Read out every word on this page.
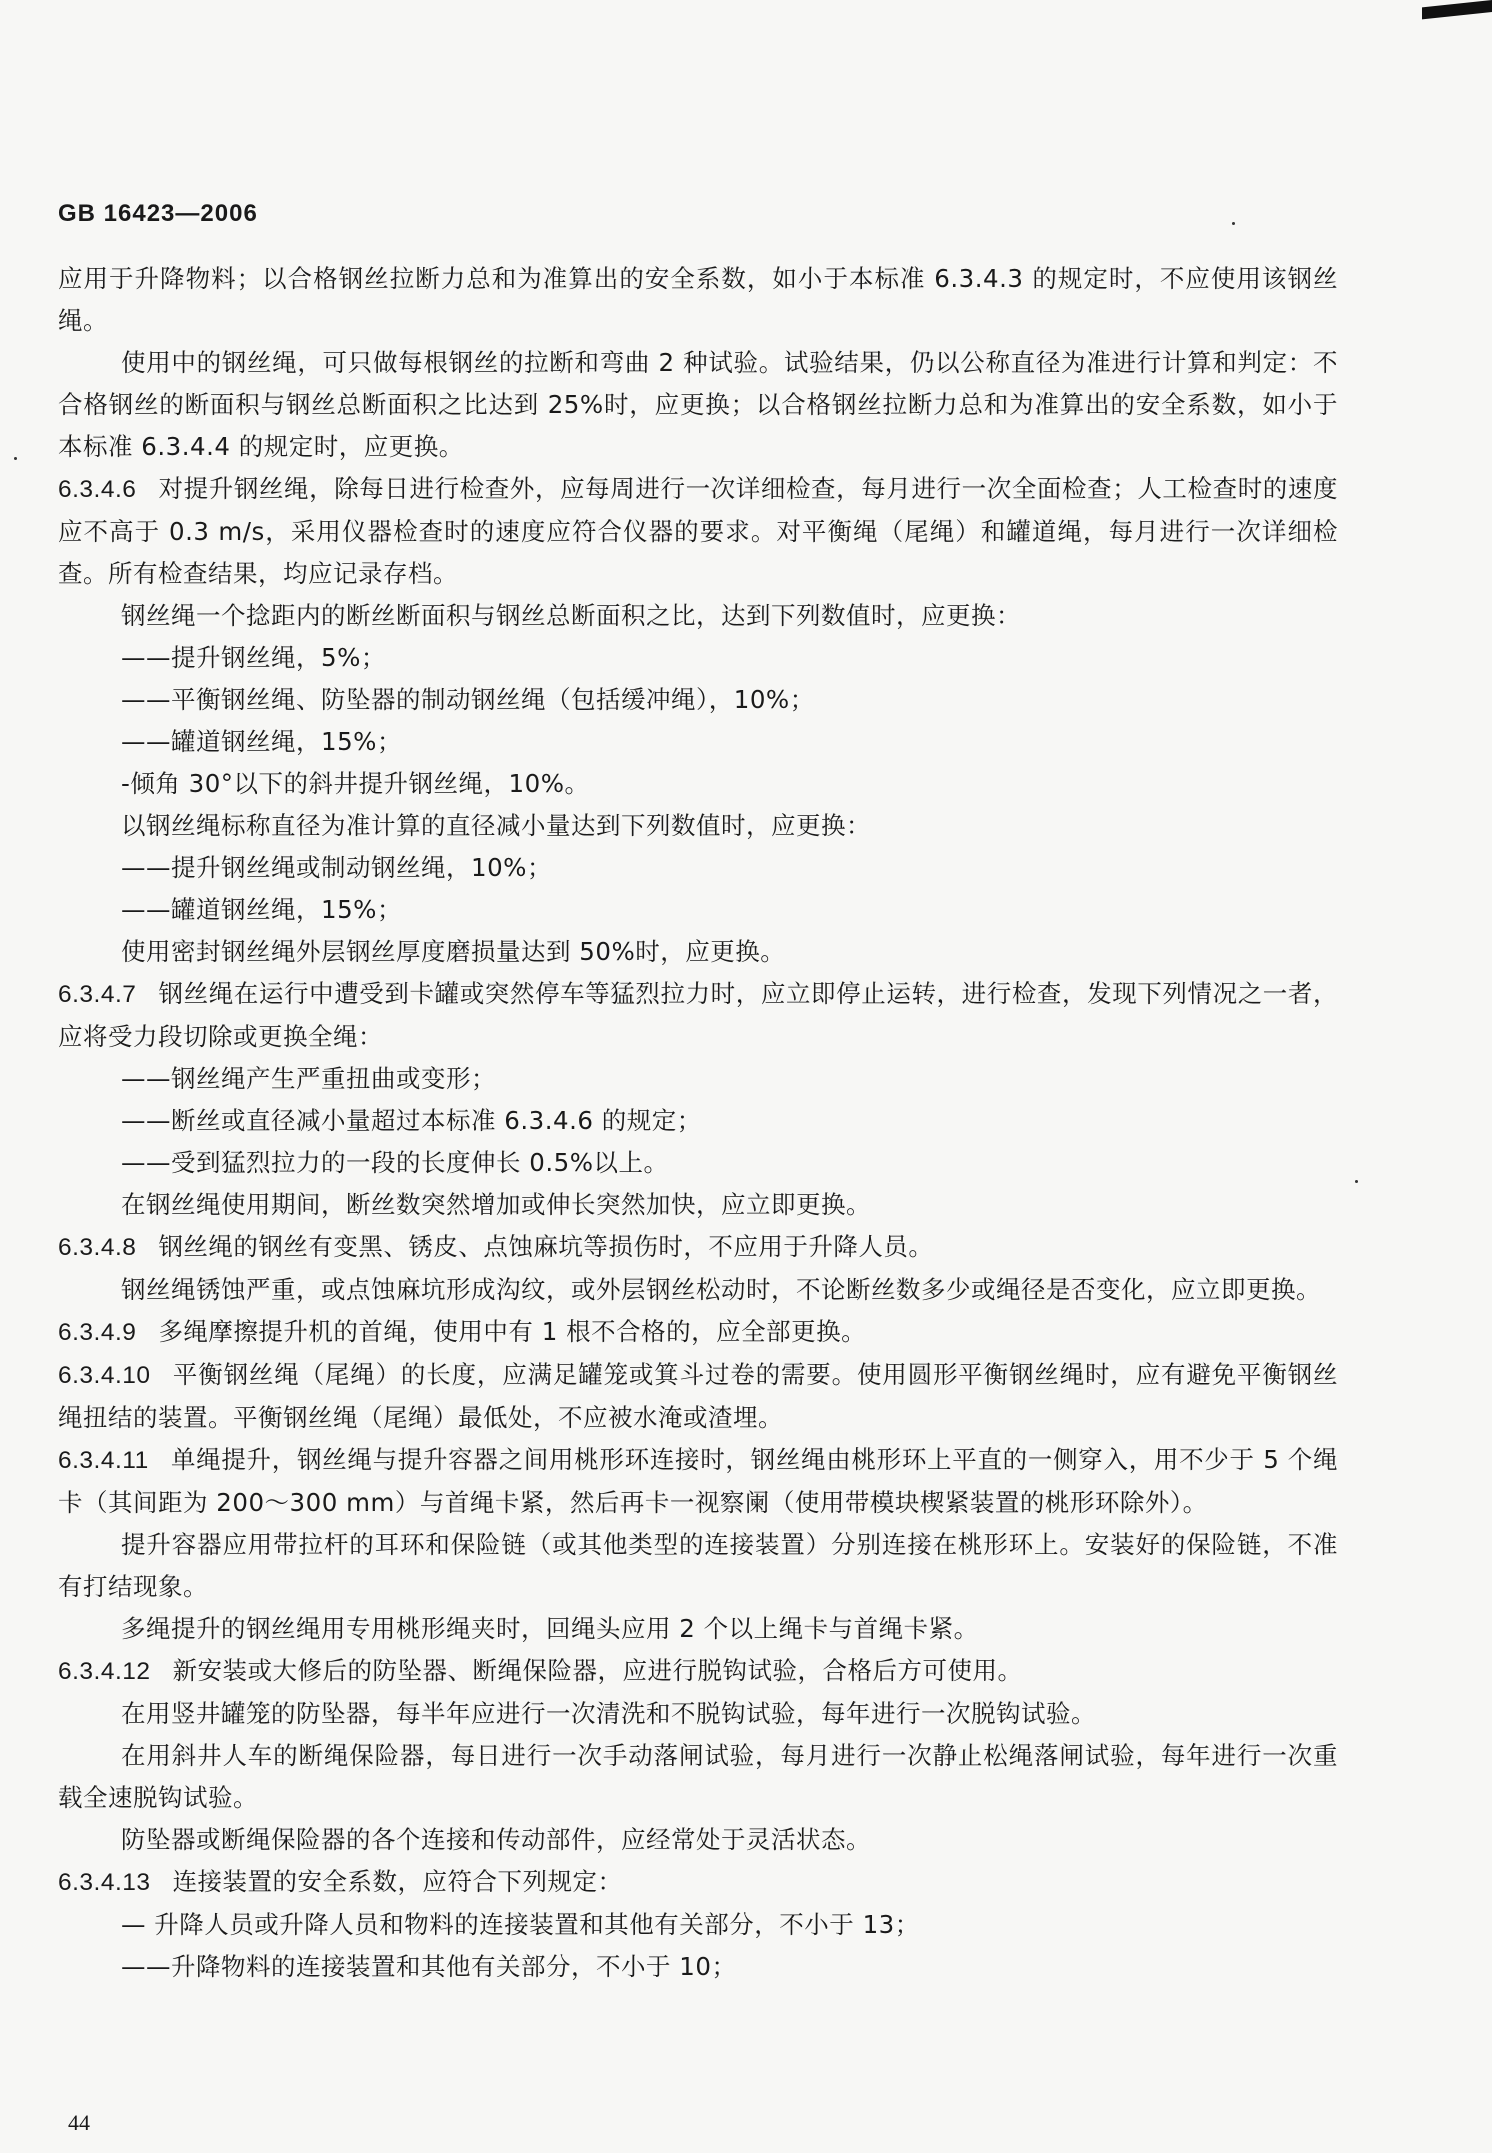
GB 16423—2006

应用于升降物料；以合格钢丝拉断力总和为准算出的安全系数，如小于本标准 6.3.4.3 的规定时，不应使用该钢丝绳。

使用中的钢丝绳，可只做每根钢丝的拉断和弯曲 2 种试验。试验结果，仍以公称直径为准进行计算和判定：不合格钢丝的断面积与钢丝总断面积之比达到 25%时，应更换；以合格钢丝拉断力总和为准算出的安全系数，如小于本标准 6.3.4.4 的规定时，应更换。

6.3.4.6 对提升钢丝绳，除每日进行检查外，应每周进行一次详细检查，每月进行一次全面检查；人工检查时的速度应不高于 0.3 m/s，采用仪器检查时的速度应符合仪器的要求。对平衡绳（尾绳）和罐道绳，每月进行一次详细检查。所有检查结果，均应记录存档。

钢丝绳一个捻距内的断丝断面积与钢丝总断面积之比，达到下列数值时，应更换：

——提升钢丝绳，5%；

——平衡钢丝绳、防坠器的制动钢丝绳（包括缓冲绳），10%；

——罐道钢丝绳，15%；

-倾角 30°以下的斜井提升钢丝绳，10%。

以钢丝绳标称直径为准计算的直径减小量达到下列数值时，应更换：

——提升钢丝绳或制动钢丝绳，10%；

——罐道钢丝绳，15%；

使用密封钢丝绳外层钢丝厚度磨损量达到 50%时，应更换。

6.3.4.7 钢丝绳在运行中遭受到卡罐或突然停车等猛烈拉力时，应立即停止运转，进行检查，发现下列情况之一者，应将受力段切除或更换全绳：

——钢丝绳产生严重扭曲或变形；

——断丝或直径减小量超过本标准 6.3.4.6 的规定；

——受到猛烈拉力的一段的长度伸长 0.5%以上。

在钢丝绳使用期间，断丝数突然增加或伸长突然加快，应立即更换。

6.3.4.8 钢丝绳的钢丝有变黑、锈皮、点蚀麻坑等损伤时，不应用于升降人员。

钢丝绳锈蚀严重，或点蚀麻坑形成沟纹，或外层钢丝松动时，不论断丝数多少或绳径是否变化，应立即更换。

6.3.4.9 多绳摩擦提升机的首绳，使用中有 1 根不合格的，应全部更换。

6.3.4.10 平衡钢丝绳（尾绳）的长度，应满足罐笼或箕斗过卷的需要。使用圆形平衡钢丝绳时，应有避免平衡钢丝绳扭结的装置。平衡钢丝绳（尾绳）最低处，不应被水淹或渣埋。

6.3.4.11 单绳提升，钢丝绳与提升容器之间用桃形环连接时，钢丝绳由桃形环上平直的一侧穿入，用不少于 5 个绳卡（其间距为 200～300 mm）与首绳卡紧，然后再卡一视察阑（使用带模块楔紧装置的桃形环除外）。

提升容器应用带拉杆的耳环和保险链（或其他类型的连接装置）分别连接在桃形环上。安装好的保险链，不准有打结现象。

多绳提升的钢丝绳用专用桃形绳夹时，回绳头应用 2 个以上绳卡与首绳卡紧。

6.3.4.12 新安装或大修后的防坠器、断绳保险器，应进行脱钩试验，合格后方可使用。

在用竖井罐笼的防坠器，每半年应进行一次清洗和不脱钩试验，每年进行一次脱钩试验。

在用斜井人车的断绳保险器，每日进行一次手动落闸试验，每月进行一次静止松绳落闸试验，每年进行一次重载全速脱钩试验。

防坠器或断绳保险器的各个连接和传动部件，应经常处于灵活状态。

6.3.4.13 连接装置的安全系数，应符合下列规定：

— 升降人员或升降人员和物料的连接装置和其他有关部分，不小于 13；

——升降物料的连接装置和其他有关部分，不小于 10；

44
